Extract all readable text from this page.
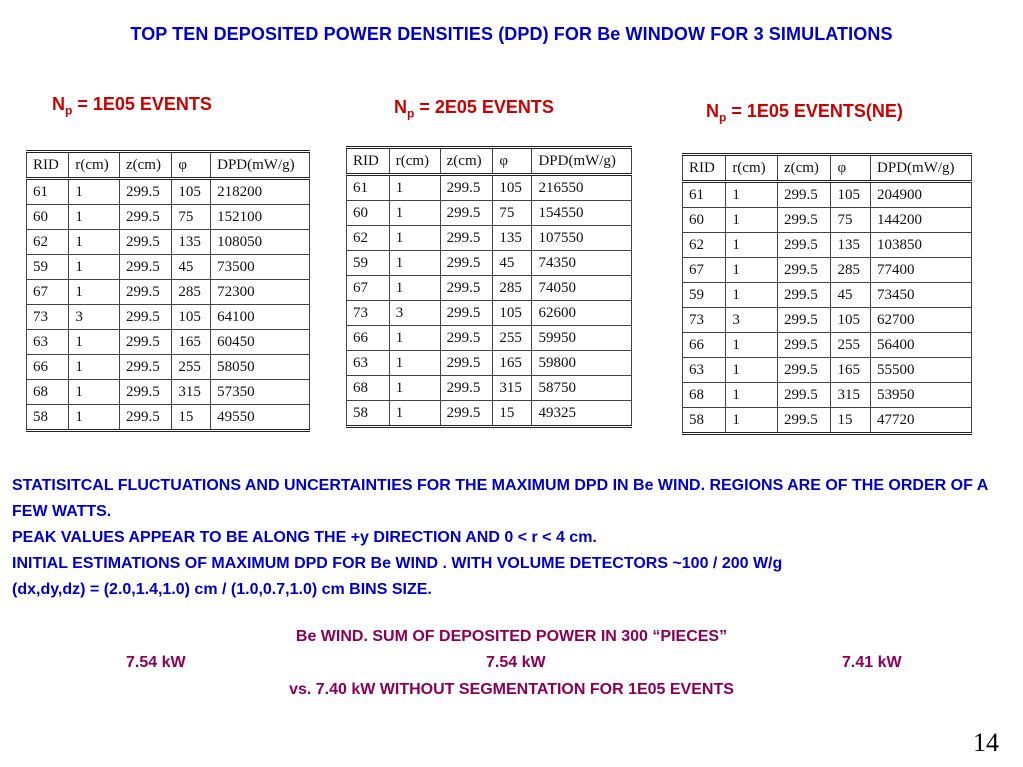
TOP TEN DEPOSITED POWER DENSITIES (DPD) FOR Be WINDOW FOR 3 SIMULATIONS
$N_p = 1E05$ EVENTS	$N_p = 2E05$ EVENTS	$N_p = 1E05$ EVENTS(NE)
RID	r(cm)	z(cm)	φ	DPD(mW/g)
61	1	299.5	105	218200
60	1	299.5	75	152100
62	1	299.5	135	108050
59	1	299.5	45	73500
67	1	299.5	285	72300
73	3	299.5	105	64100
63	1	299.5	165	60450
66	1	299.5	255	58050
68	1	299.5	315	57350
58	1	299.5	15	49550
RID	r(cm)	z(cm)	φ	DPD(mW/g)
61	1	299.5	105	216550
60	1	299.5	75	154550
62	1	299.5	135	107550
59	1	299.5	45	74350
67	1	299.5	285	74050
73	3	299.5	105	62600
66	1	299.5	255	59950
63	1	299.5	165	59800
68	1	299.5	315	58750
58	1	299.5	15	49325
RID	r(cm)	z(cm)	φ	DPD(mW/g)
61	1	299.5	105	204900
60	1	299.5	75	144200
62	1	299.5	135	103850
67	1	299.5	285	77400
59	1	299.5	45	73450
73	3	299.5	105	62700
66	1	299.5	255	56400
63	1	299.5	165	55500
68	1	299.5	315	53950
58	1	299.5	15	47720

STATISITCAL FLUCTUATIONS AND UNCERTAINTIES FOR THE MAXIMUM DPD IN Be WIND. REGIONS ARE OF THE ORDER OF A FEW WATTS.

PEAK VALUES APPEAR TO BE ALONG THE +y DIRECTION AND 0 < r < 4 cm.

INITIAL ESTIMATIONS OF MAXIMUM DPD FOR Be WIND . WITH VOLUME DETECTORS ~100 / 200 W/g

(dx,dy,dz) = (2.0,1.4,1.0) cm / (1.0,0.7,1.0) cm BINS SIZE.

Be WIND. SUM OF DEPOSITED POWER IN 300 “PIECES”
7.54 kW	7.54 kW	7.41 kW
vs. 7.40 kW WITHOUT SEGMENTATION FOR 1E05 EVENTS
14
